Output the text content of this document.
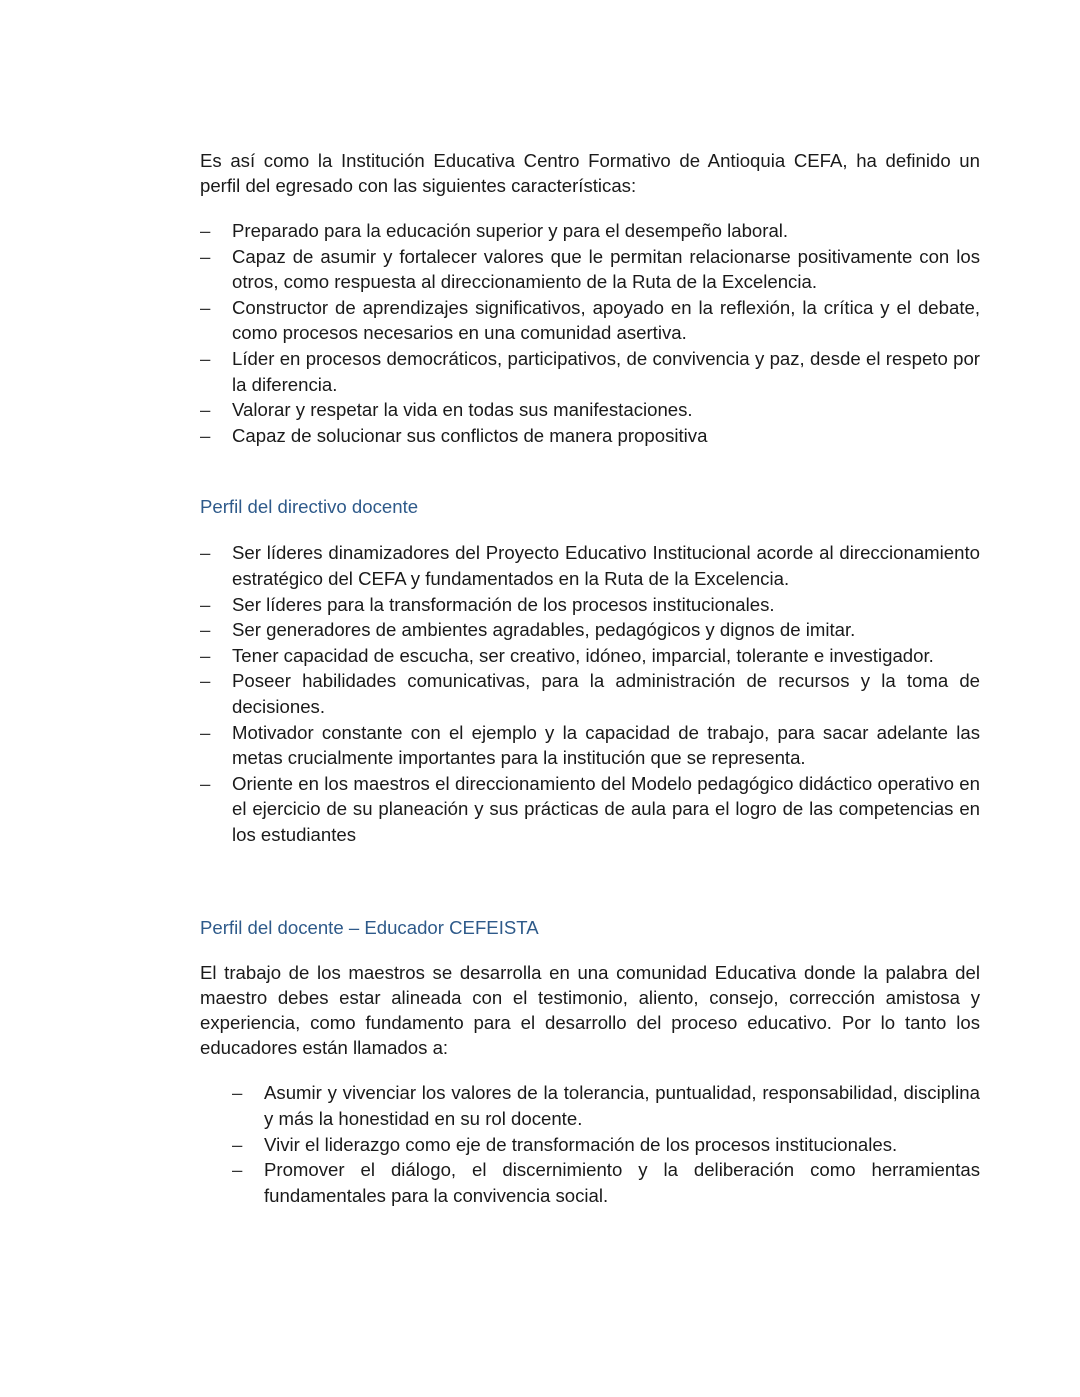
Es así como la Institución Educativa Centro Formativo de Antioquia CEFA, ha definido un perfil del egresado con las siguientes características:

–	Preparado para la educación superior y para el desempeño laboral.
–	Capaz de asumir y fortalecer valores que le permitan relacionarse positivamente con los otros, como respuesta al direccionamiento de la Ruta de la Excelencia.
–	Constructor de aprendizajes significativos, apoyado en la reflexión, la crítica y el debate, como procesos necesarios en una comunidad asertiva.
–	Líder en procesos democráticos, participativos, de convivencia y paz, desde el respeto por la diferencia.
–	Valorar y respetar la vida en todas sus manifestaciones.
–	Capaz de solucionar sus conflictos de manera propositiva
Perfil del directivo docente
–	Ser líderes dinamizadores del Proyecto Educativo Institucional acorde al direccionamiento estratégico del CEFA y fundamentados en la Ruta de la Excelencia.
–	Ser líderes para la transformación de los procesos institucionales.
–	Ser generadores de ambientes agradables, pedagógicos y dignos de imitar.
–	Tener capacidad de escucha, ser creativo, idóneo, imparcial, tolerante e investigador.
–	Poseer habilidades comunicativas, para la administración de recursos y la toma de decisiones.
–	Motivador constante con el ejemplo y la capacidad de trabajo, para sacar adelante las metas crucialmente importantes para la institución que se representa.
–	Oriente en los maestros el direccionamiento del Modelo pedagógico didáctico operativo en el ejercicio de su planeación y sus prácticas de aula para el logro de las competencias en los estudiantes
Perfil del docente – Educador CEFEISTA

El trabajo de los maestros se desarrolla en una comunidad Educativa donde la palabra del maestro debes estar alineada con el testimonio, aliento, consejo, corrección amistosa y experiencia, como fundamento para el desarrollo del proceso educativo. Por lo tanto los educadores están llamados a:

–	Asumir y vivenciar los valores de la tolerancia, puntualidad, responsabilidad, disciplina y más la honestidad en su rol docente.
–	Vivir el liderazgo como eje de transformación de los procesos institucionales.
–	Promover el diálogo, el discernimiento y la deliberación como herramientas fundamentales para la convivencia social.
